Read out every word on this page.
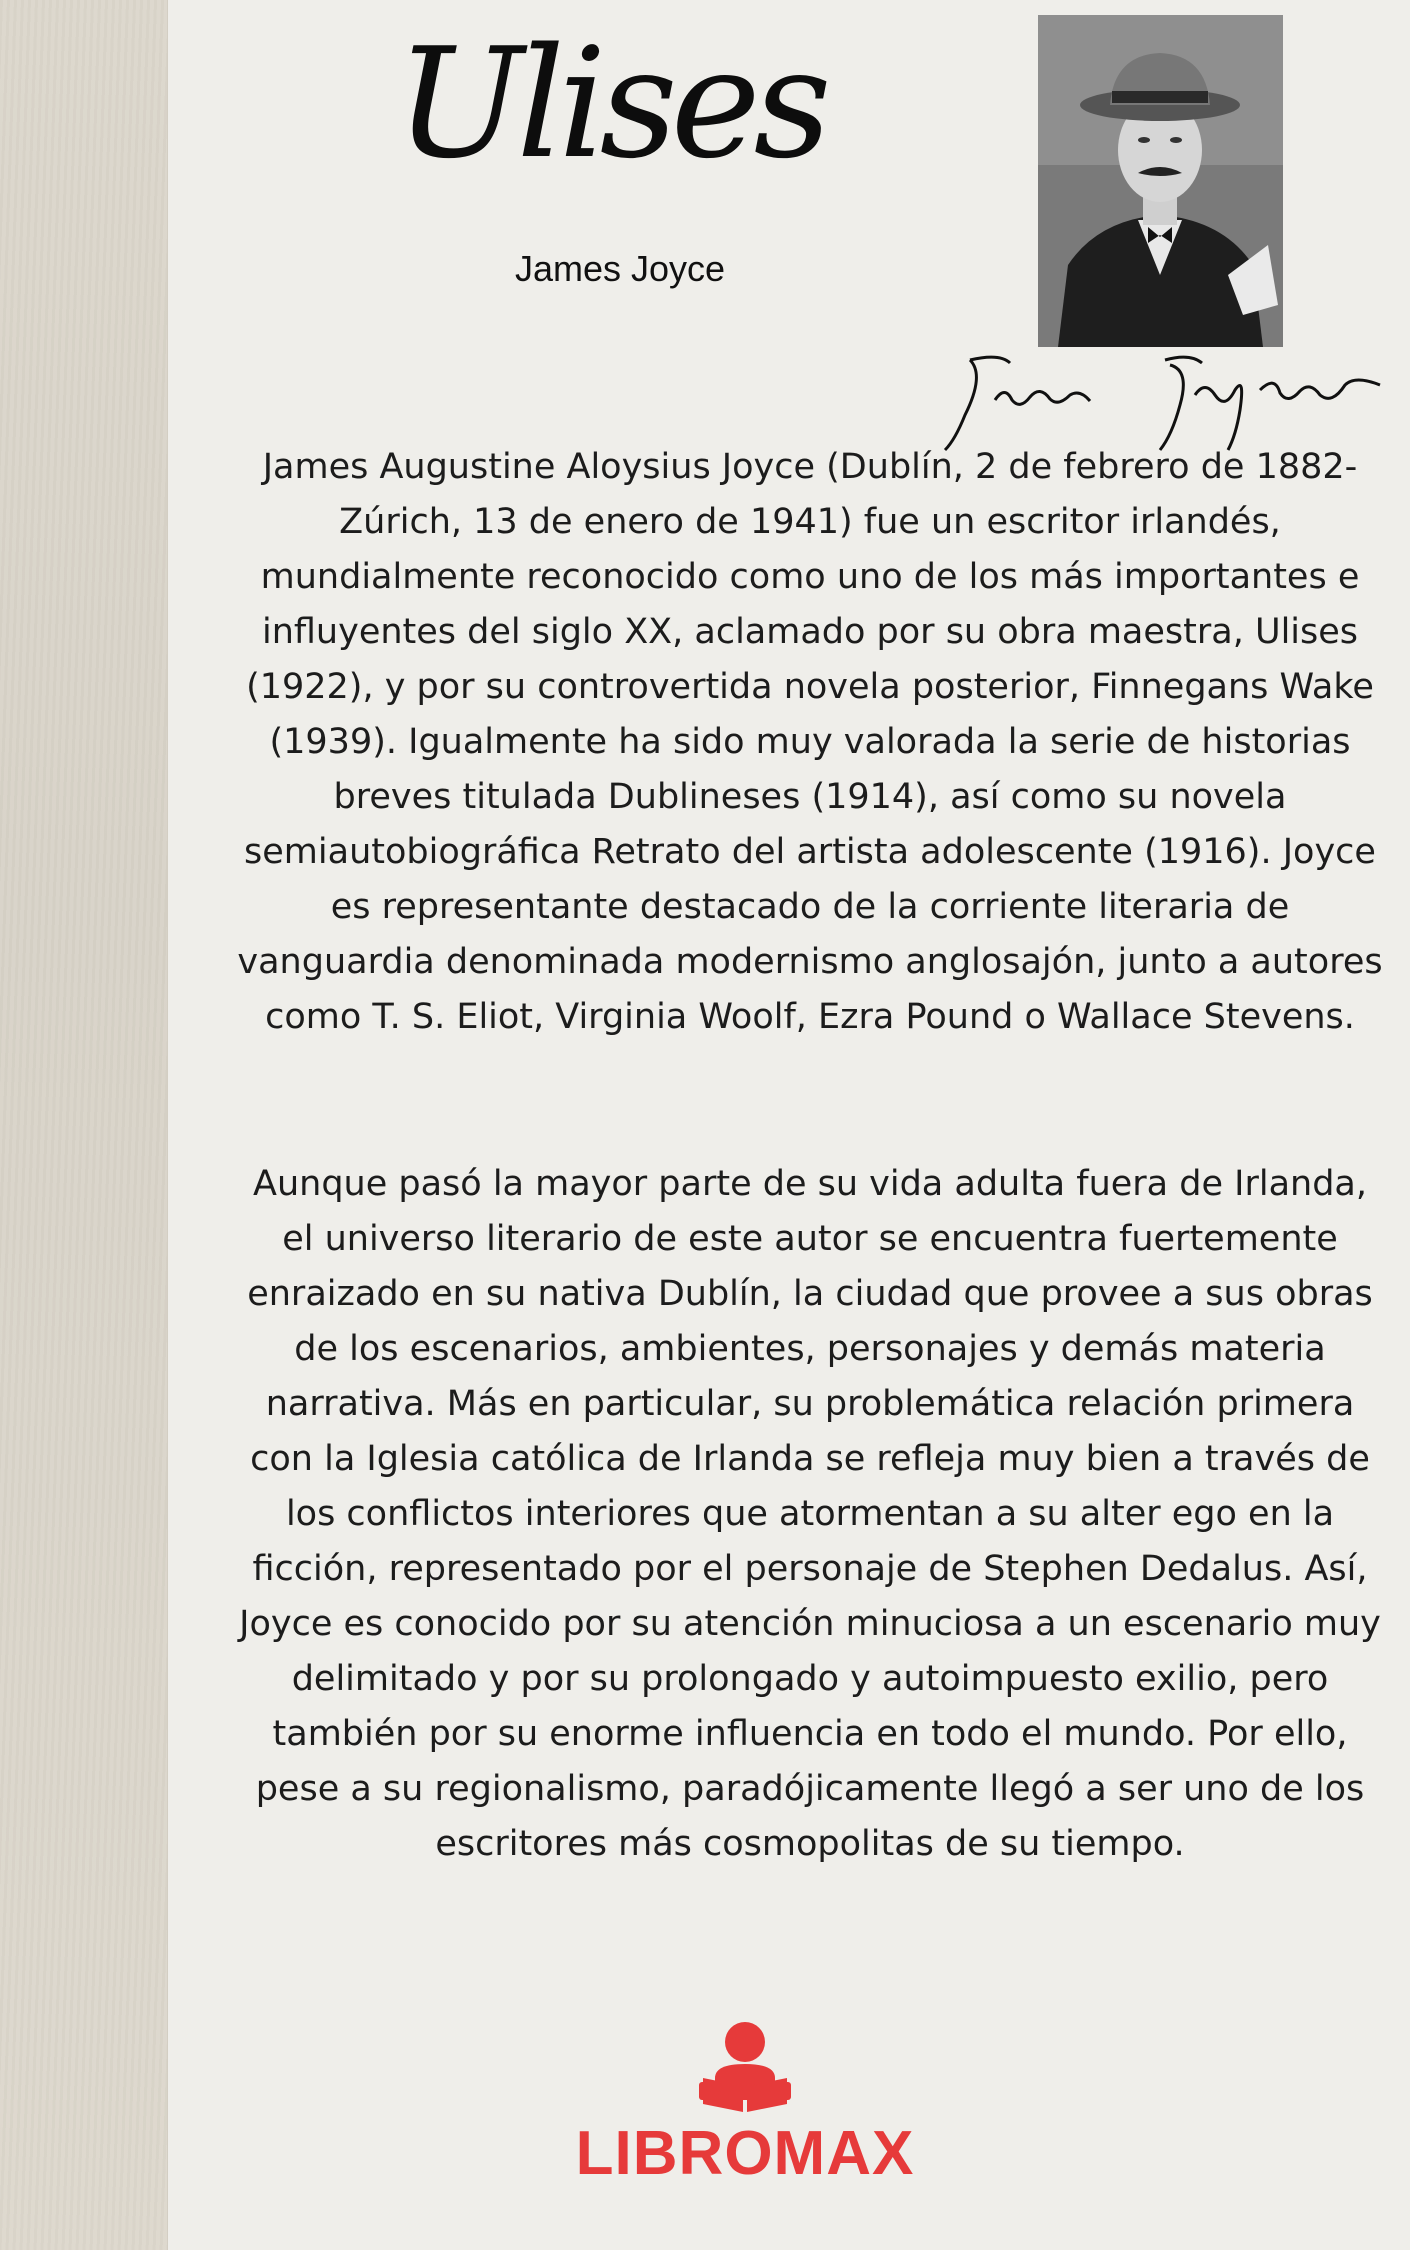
Ulises

James Joyce

James Augustine Aloysius Joyce (Dublín, 2 de febrero de 1882-Zúrich, 13 de enero de 1941) fue un escritor irlandés, mundialmente reconocido como uno de los más importantes e influyentes del siglo XX, aclamado por su obra maestra, Ulises (1922), y por su controvertida novela posterior, Finnegans Wake (1939). Igualmente ha sido muy valorada la serie de historias breves titulada Dublineses (1914), así como su novela semiautobiográfica Retrato del artista adolescente (1916). Joyce es representante destacado de la corriente literaria de vanguardia denominada modernismo anglosajón, junto a autores como T. S. Eliot, Virginia Woolf, Ezra Pound o Wallace Stevens.

Aunque pasó la mayor parte de su vida adulta fuera de Irlanda, el universo literario de este autor se encuentra fuertemente enraizado en su nativa Dublín, la ciudad que provee a sus obras de los escenarios, ambientes, personajes y demás materia narrativa. Más en particular, su problemática relación primera con la Iglesia católica de Irlanda se refleja muy bien a través de los conflictos interiores que atormentan a su alter ego en la ficción, representado por el personaje de Stephen Dedalus. Así, Joyce es conocido por su atención minuciosa a un escenario muy delimitado y por su prolongado y autoimpuesto exilio, pero también por su enorme influencia en todo el mundo. Por ello, pese a su regionalismo, paradójicamente llegó a ser uno de los escritores más cosmopolitas de su tiempo.

LIBROMAX
